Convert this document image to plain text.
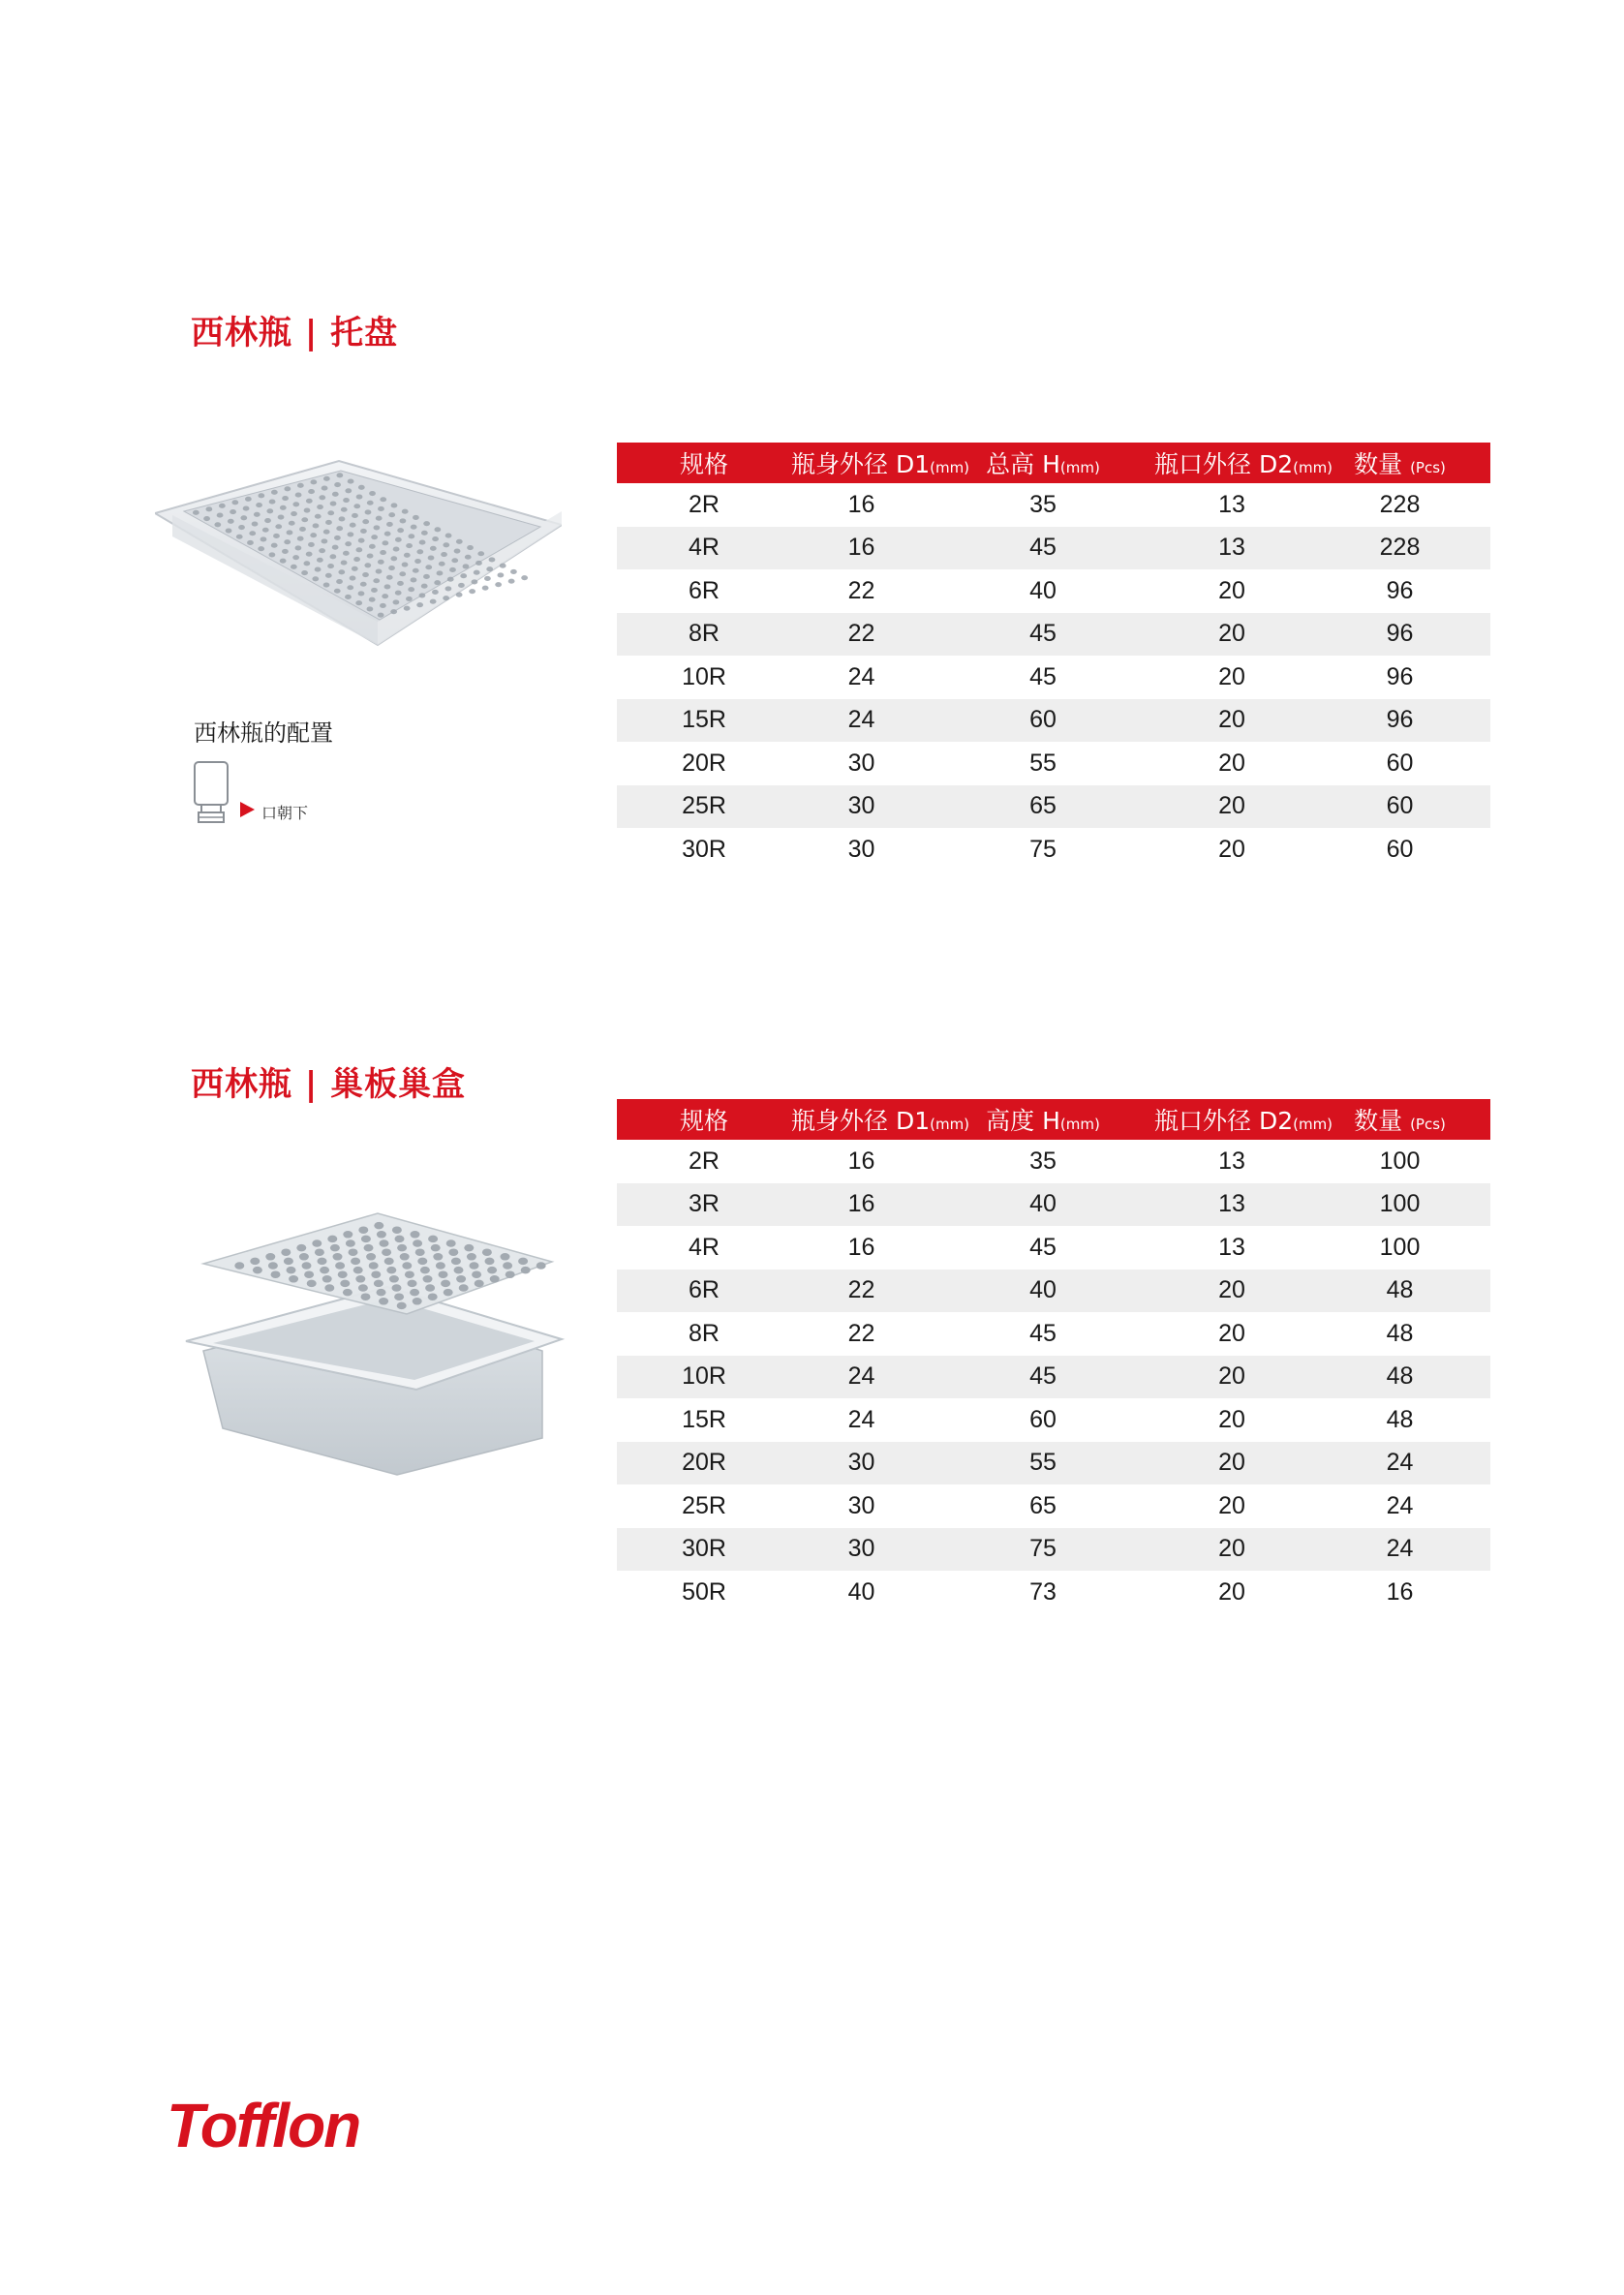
西林瓶 | 托盘
规格	瓶身外径 D1(mm)	总高 H(mm)	瓶口外径 D2(mm)	数量 (Pcs)
2R	16	35	13	228
4R	16	45	13	228
6R	22	40	20	96
8R	22	45	20	96
10R	24	45	20	96
15R	24	60	20	96
20R	30	55	20	60
25R	30	65	20	60
30R	30	75	20	60

西林瓶的配置

口朝下

西林瓶 | 巢板巢盒
规格	瓶身外径 D1(mm)	高度 H(mm)	瓶口外径 D2(mm)	数量 (Pcs)
2R	16	35	13	100
3R	16	40	13	100
4R	16	45	13	100
6R	22	40	20	48
8R	22	45	20	48
10R	24	45	20	48
15R	24	60	20	48
20R	30	55	20	24
25R	30	65	20	24
30R	30	75	20	24
50R	40	73	20	16

Tofflon
